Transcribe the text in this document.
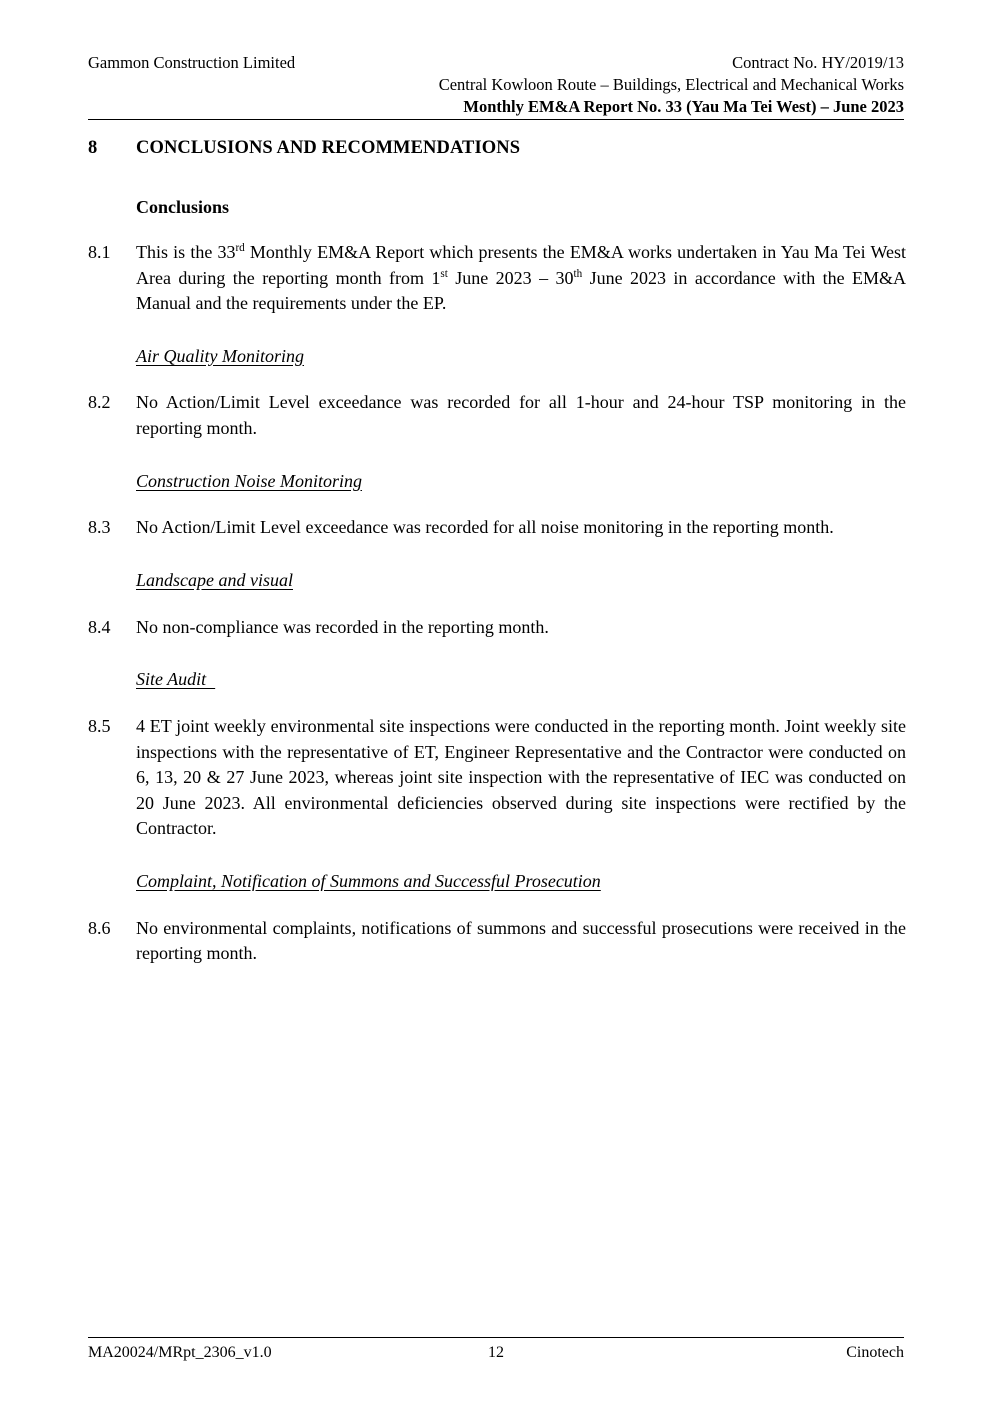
Gammon Construction Limited	Contract No. HY/2019/13
Central Kowloon Route – Buildings, Electrical and Mechanical Works
Monthly EM&A Report No. 33 (Yau Ma Tei West) – June 2023
8	CONCLUSIONS AND RECOMMENDATIONS
Conclusions
8.1	This is the 33rd Monthly EM&A Report which presents the EM&A works undertaken in Yau Ma Tei West Area during the reporting month from 1st June 2023 – 30th June 2023 in accordance with the EM&A Manual and the requirements under the EP.
Air Quality Monitoring
8.2	No Action/Limit Level exceedance was recorded for all 1-hour and 24-hour TSP monitoring in the reporting month.
Construction Noise Monitoring
8.3	No Action/Limit Level exceedance was recorded for all noise monitoring in the reporting month.
Landscape and visual
8.4	No non-compliance was recorded in the reporting month.
Site Audit
8.5	4 ET joint weekly environmental site inspections were conducted in the reporting month. Joint weekly site inspections with the representative of ET, Engineer Representative and the Contractor were conducted on 6, 13, 20 & 27 June 2023, whereas joint site inspection with the representative of IEC was conducted on 20 June 2023. All environmental deficiencies observed during site inspections were rectified by the Contractor.
Complaint, Notification of Summons and Successful Prosecution
8.6	No environmental complaints, notifications of summons and successful prosecutions were received in the reporting month.
MA20024/MRpt_2306_v1.0	12	Cinotech
